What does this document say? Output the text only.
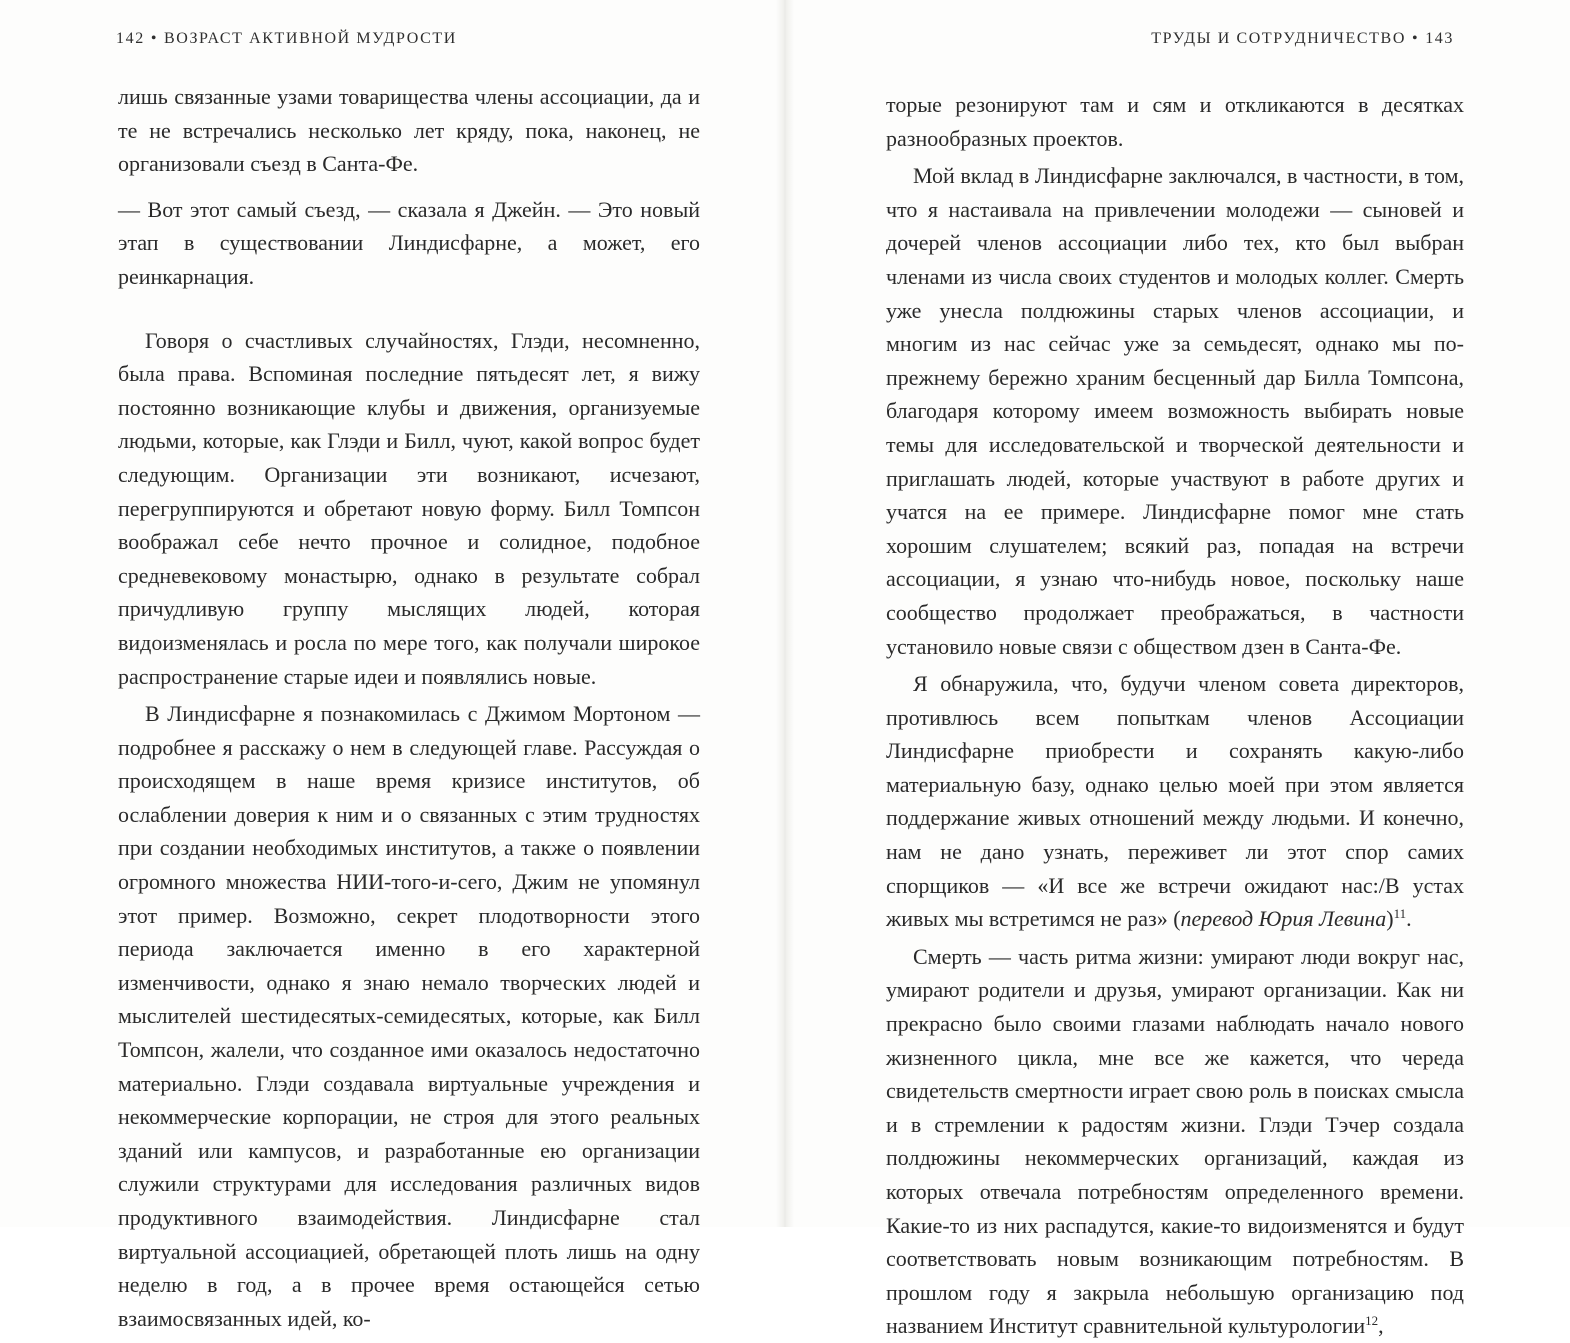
142 • ВОЗРАСТ АКТИВНОЙ МУДРОСТИ

лишь связанные узами товарищества члены ассоциации, да и те не встречались несколько лет кряду, пока, наконец, не организовали съезд в Санта-Фе.

— Вот этот самый съезд, — сказала я Джейн. — Это новый этап в существовании Линдисфарне, а может, его реинкарнация.

Говоря о счастливых случайностях, Глэди, несомненно, была права. Вспоминая последние пятьдесят лет, я вижу постоянно возникающие клубы и движения, организуемые людьми, которые, как Глэди и Билл, чуют, какой вопрос будет следующим. Организации эти возникают, исчезают, перегруппируются и обретают новую форму. Билл Томпсон воображал себе нечто прочное и солидное, подобное средневековому монастырю, однако в результате собрал причудливую группу мыслящих людей, которая видоизменялась и росла по мере того, как получали широкое распространение старые идеи и появлялись новые.

В Линдисфарне я познакомилась с Джимом Мортоном — подробнее я расскажу о нем в следующей главе. Рассуждая о происходящем в наше время кризисе институтов, об ослаблении доверия к ним и о связанных с этим трудностях при создании необходимых институтов, а также о появлении огромного множества НИИ-того-и-сего, Джим не упомянул этот пример. Возможно, секрет плодотворности этого периода заключается именно в его характерной изменчивости, однако я знаю немало творческих людей и мыслителей шестидесятых-семидесятых, которые, как Билл Томпсон, жалели, что созданное ими оказалось недостаточно материально. Глэди создавала виртуальные учреждения и некоммерческие корпорации, не строя для этого реальных зданий или кампусов, и разработанные ею организации служили структурами для исследования различных видов продуктивного взаимодействия. Линдисфарне стал виртуальной ассоциацией, обретающей плоть лишь на одну неделю в год, а в прочее время остающейся сетью взаимосвязанных идей, ко-

ТРУДЫ И СОТРУДНИЧЕСТВО • 143

торые резонируют там и сям и откликаются в десятках разнообразных проектов.

Мой вклад в Линдисфарне заключался, в частности, в том, что я настаивала на привлечении молодежи — сыновей и дочерей членов ассоциации либо тех, кто был выбран членами из числа своих студентов и молодых коллег. Смерть уже унесла полдюжины старых членов ассоциации, и многим из нас сейчас уже за семьдесят, однако мы по-прежнему бережно храним бесценный дар Билла Томпсона, благодаря которому имеем возможность выбирать новые темы для исследовательской и творческой деятельности и приглашать людей, которые участвуют в работе других и учатся на ее примере. Линдисфарне помог мне стать хорошим слушателем; всякий раз, попадая на встречи ассоциации, я узнаю что-нибудь новое, поскольку наше сообщество продолжает преображаться, в частности установило новые связи с обществом дзен в Санта-Фе.

Я обнаружила, что, будучи членом совета директоров, противлюсь всем попыткам членов Ассоциации Линдисфарне приобрести и сохранять какую-либо материальную базу, однако целью моей при этом является поддержание живых отношений между людьми. И конечно, нам не дано узнать, переживет ли этот спор самих спорщиков — «И все же встречи ожидают нас:/В устах живых мы встретимся не раз» (перевод Юрия Левина)$^{11}$.

Смерть — часть ритма жизни: умирают люди вокруг нас, умирают родители и друзья, умирают организации. Как ни прекрасно было своими глазами наблюдать начало нового жизненного цикла, мне все же кажется, что череда свидетельств смертности играет свою роль в поисках смысла и в стремлении к радостям жизни. Глэди Тэчер создала полдюжины некоммерческих организаций, каждая из которых отвечала потребностям определенного времени. Какие-то из них распадутся, какие-то видоизменятся и будут соответствовать новым возникающим потребностям. В прошлом году я закрыла небольшую организацию под названием Институт сравнительной культурологии$^{12}$,
